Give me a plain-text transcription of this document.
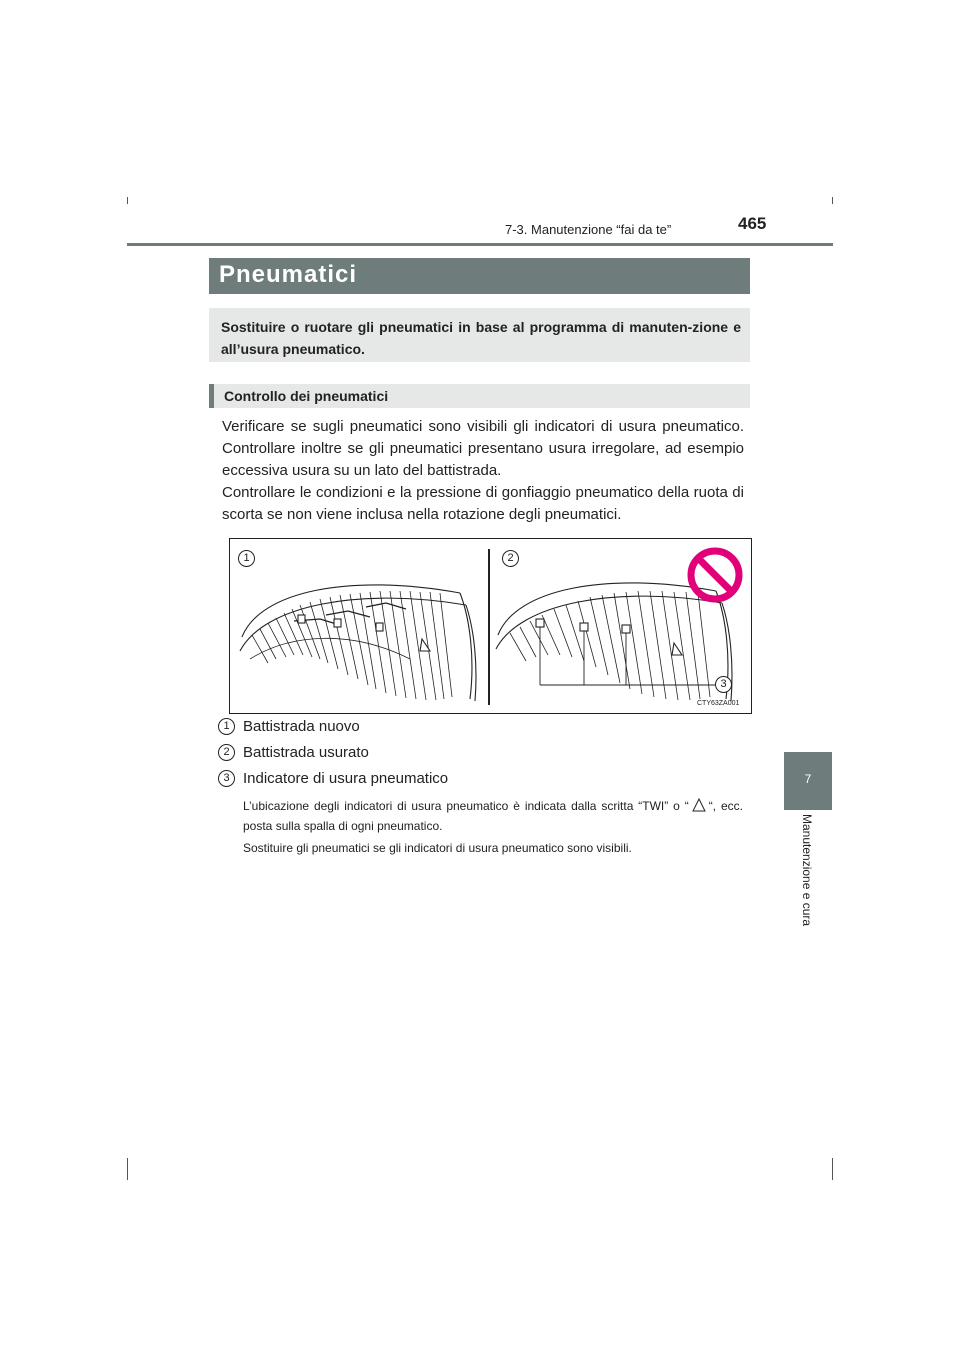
7-3. Manutenzione “fai da te”	465
7
Manutenzione e cura
Pneumatici
Sostituire o ruotare gli pneumatici in base al programma di manuten-zione e all’usura pneumatico.
Controllo dei pneumatici
Verificare se sugli pneumatici sono visibili gli indicatori di usura pneumatico. Controllare inoltre se gli pneumatici presentano usura irregolare, ad esempio eccessiva usura su un lato del battistrada.
Controllare le condizioni e la pressione di gonfiaggio pneumatico della ruota di scorta se non viene inclusa nella rotazione degli pneumatici.
1	2
3
CTY63ZA001
1 Battistrada nuovo
2 Battistrada usurato
3 Indicatore di usura pneumatico
L’ubicazione degli indicatori di usura pneumatico è indicata dalla scritta “TWI” o “ “, ecc. posta sulla spalla di ogni pneumatico.
Sostituire gli pneumatici se gli indicatori di usura pneumatico sono visibili.
